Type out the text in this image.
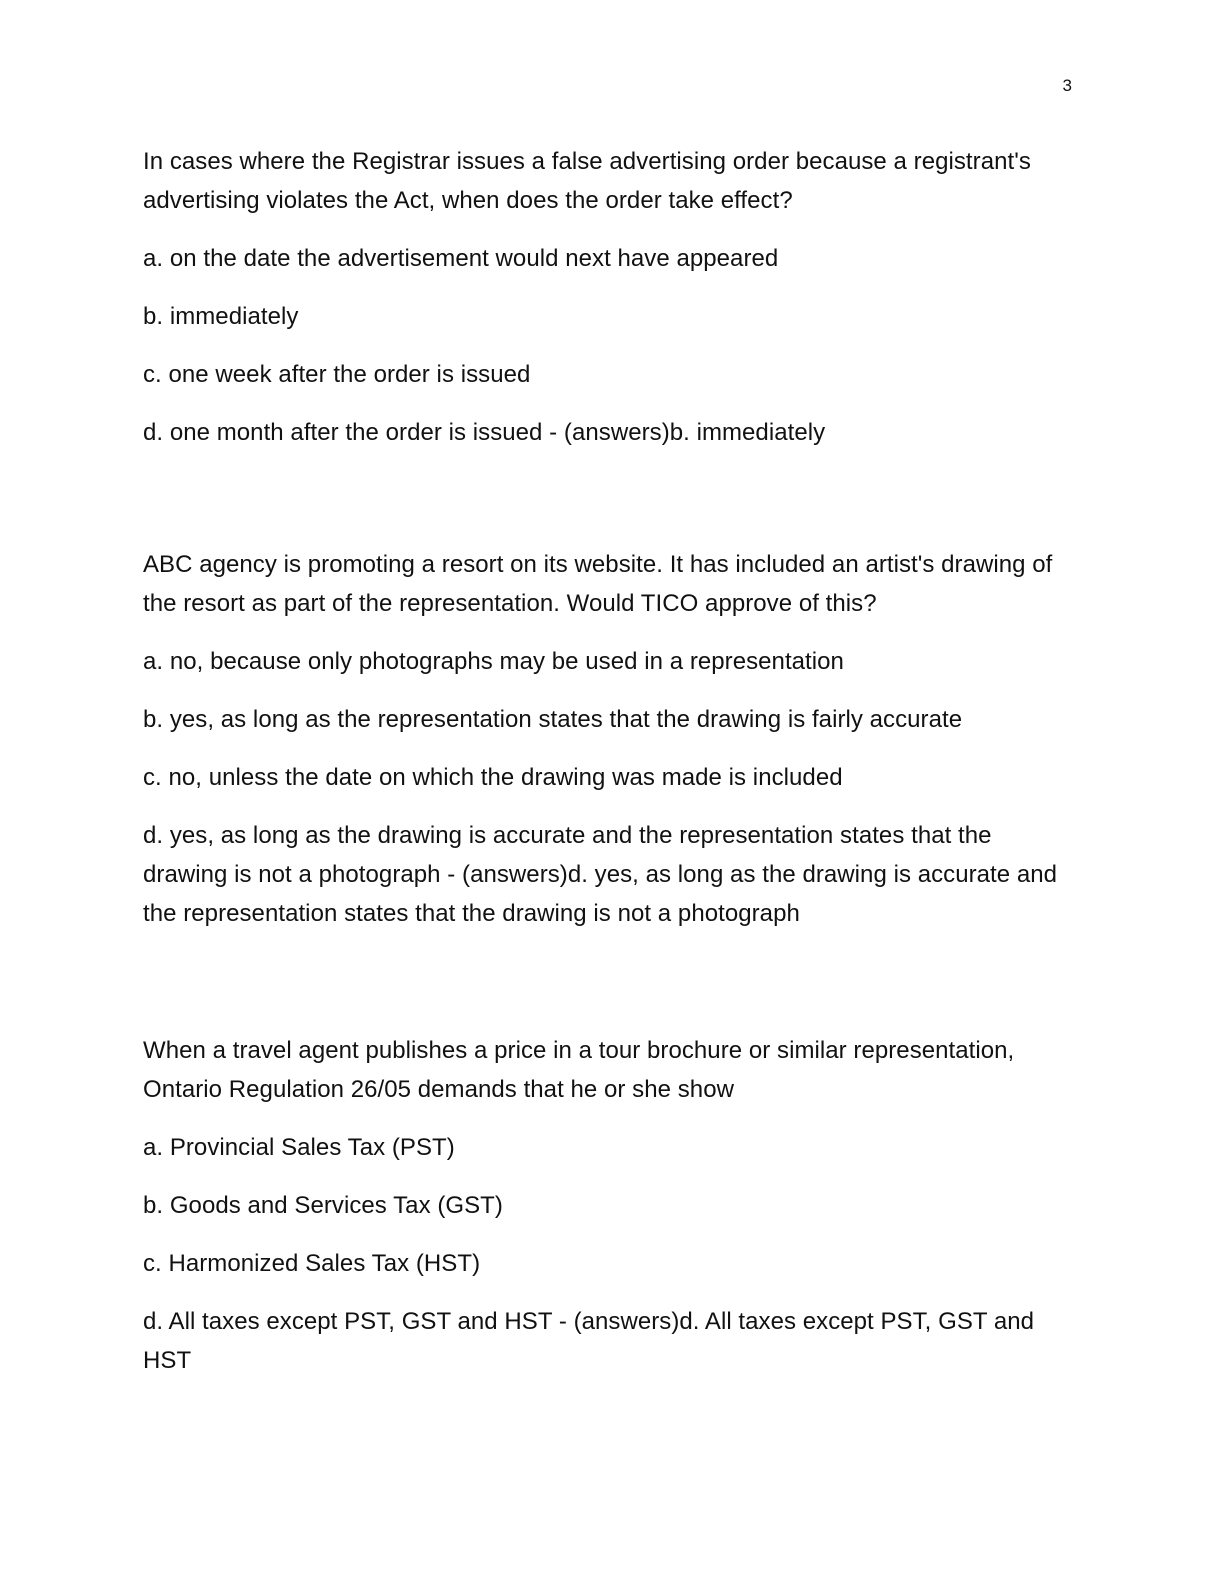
3

In cases where the Registrar issues a false advertising order because a registrant's advertising violates the Act, when does the order take effect?

a. on the date the advertisement would next have appeared

b. immediately

c. one week after the order is issued

d. one month after the order is issued - (answers)b. immediately

ABC agency is promoting a resort on its website. It has included an artist's drawing of the resort as part of the representation. Would TICO approve of this?

a. no, because only photographs may be used in a representation

b. yes, as long as the representation states that the drawing is fairly accurate

c. no, unless the date on which the drawing was made is included

d. yes, as long as the drawing is accurate and the representation states that the drawing is not a photograph - (answers)d. yes, as long as the drawing is accurate and the representation states that the drawing is not a photograph

When a travel agent publishes a price in a tour brochure or similar representation, Ontario Regulation 26/05 demands that he or she show

a. Provincial Sales Tax (PST)

b. Goods and Services Tax (GST)

c. Harmonized Sales Tax (HST)

d. All taxes except PST, GST and HST - (answers)d. All taxes except PST, GST and HST
